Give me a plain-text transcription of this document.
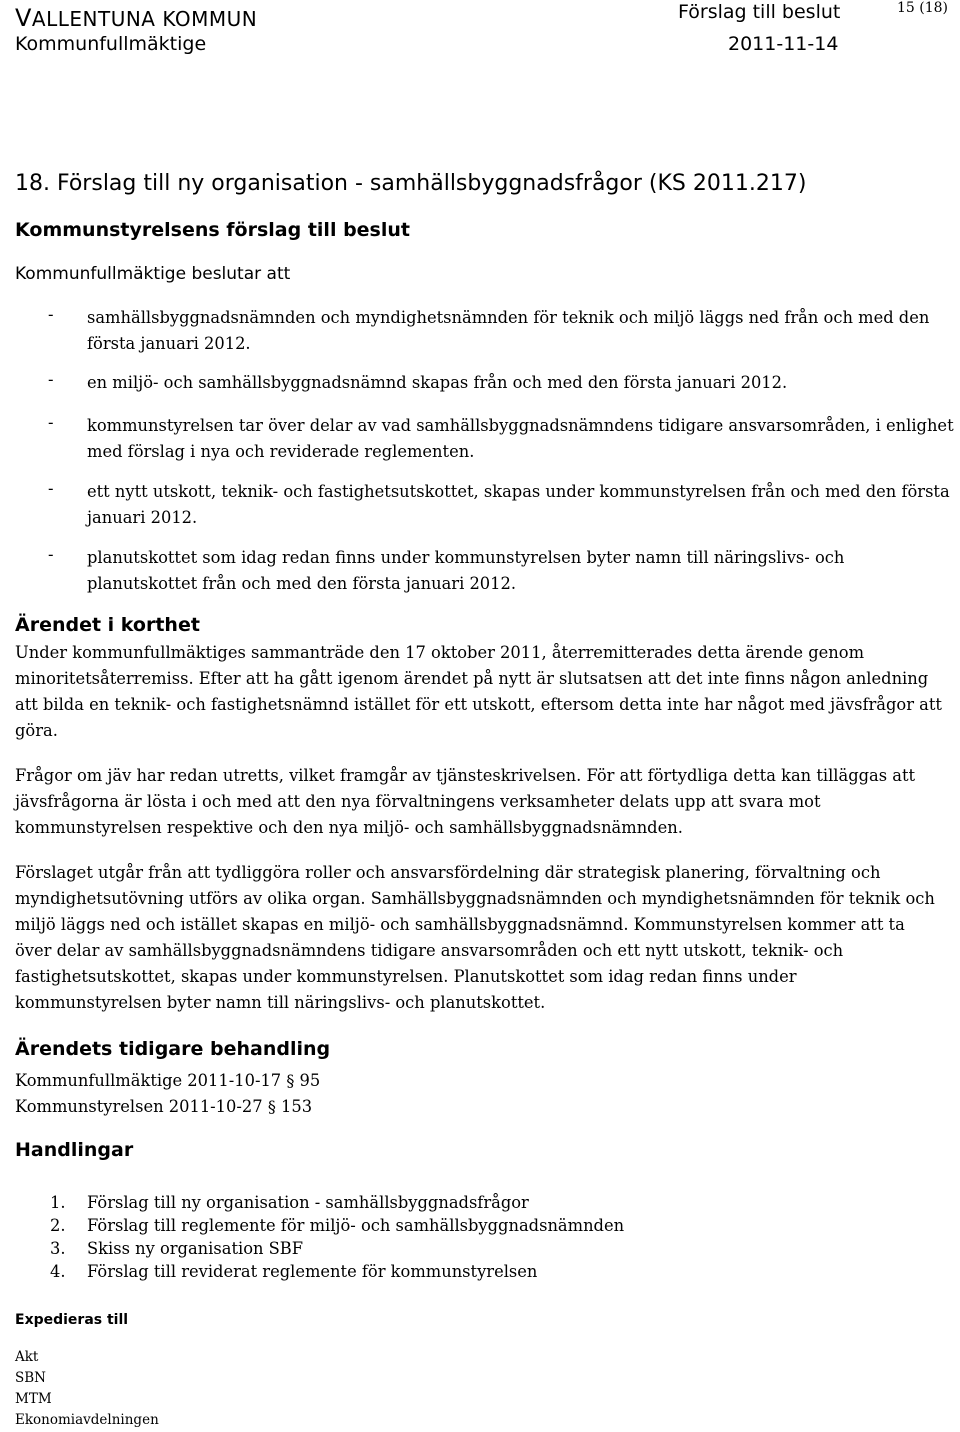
VALLENTUNA KOMMUN
Kommunfullmäktige
Förslag till beslut
2011-11-14
15 (18)
18. Förslag till ny organisation - samhällsbyggnadsfrågor (KS 2011.217)
Kommunstyrelsens förslag till beslut
Kommunfullmäktige beslutar att
- samhällsbyggnadsnämnden och myndighetsnämnden för teknik och miljö läggs ned från och med den första januari 2012.
- en miljö- och samhällsbyggnadsnämnd skapas från och med den första januari 2012.
- kommunstyrelsen tar över delar av vad samhällsbyggnadsnämndens tidigare ansvarsområden, i enlighet med förslag i nya och reviderade reglementen.
- ett nytt utskott, teknik- och fastighetsutskottet, skapas under kommunstyrelsen från och med den första januari 2012.
- planutskottet som idag redan finns under kommunstyrelsen byter namn till näringslivs- och planutskottet från och med den första januari 2012.
Ärendet i korthet
Under kommunfullmäktiges sammanträde den 17 oktober 2011, återremitterades detta ärende genom minoritetsåterremiss. Efter att ha gått igenom ärendet på nytt är slutsatsen att det inte finns någon anledning att bilda en teknik- och fastighetsnämnd istället för ett utskott, eftersom detta inte har något med jävsfrågor att göra.
Frågor om jäv har redan utretts, vilket framgår av tjänsteskrivelsen. För att förtydliga detta kan tilläggas att jävsfrågorna är lösta i och med att den nya förvaltningens verksamheter delats upp att svara mot kommunstyrelsen respektive och den nya miljö- och samhällsbyggnadsnämnden.
Förslaget utgår från att tydliggöra roller och ansvarsfördelning där strategisk planering, förvaltning och myndighetsutövning utförs av olika organ. Samhällsbyggnadsnämnden och myndighetsnämnden för teknik och miljö läggs ned och istället skapas en miljö- och samhällsbyggnadsnämnd. Kommunstyrelsen kommer att ta över delar av samhällsbyggnadsnämndens tidigare ansvarsområden och ett nytt utskott, teknik- och fastighetsutskottet, skapas under kommunstyrelsen. Planutskottet som idag redan finns under kommunstyrelsen byter namn till näringslivs- och planutskottet.
Ärendets tidigare behandling
Kommunfullmäktige 2011-10-17 § 95
Kommunstyrelsen 2011-10-27 § 153
Handlingar
1. Förslag till ny organisation - samhällsbyggnadsfrågor
2. Förslag till reglemente för miljö- och samhällsbyggnadsnämnden
3. Skiss ny organisation SBF
4. Förslag till reviderat reglemente för kommunstyrelsen
Expedieras till
Akt
SBN
MTM
Ekonomiavdelningen
